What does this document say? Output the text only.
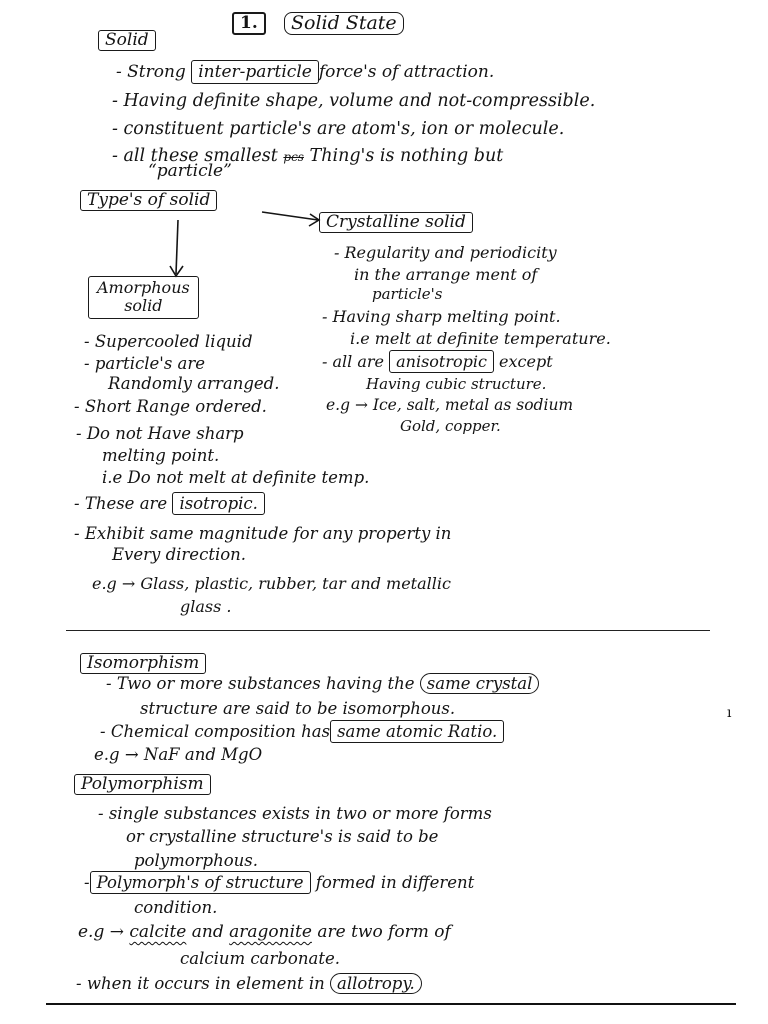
1.	Solid State
Solid
- Strong inter-particle force's of attraction.
- Having definite shape, volume and not-compressible.
- constituent particle's are atom's, ion or molecule.
- all these smallest pcs Thing's is nothing but
“particle”
Type's of solid
Crystalline solid
- Regularity and periodicity
in the arrange ment of
particle's
- Having sharp melting point.
i.e melt at definite temperature.
- all are anisotropic except
Having cubic structure.
e.g → Ice, salt, metal as sodium
Gold, copper.
Amorphous
solid
- Supercooled liquid
- particle's are
Randomly arranged.
- Short Range ordered.
- Do not Have sharp
melting point.
i.e Do not melt at definite temp.
- These are isotropic.
- Exhibit same magnitude for any property in
Every direction.
e.g → Glass, plastic, rubber, tar and metallic
glass .
Isomorphism
- Two or more substances having the same crystal
structure are said to be isomorphous.
- Chemical composition has same atomic Ratio.
e.g → NaF and MgO
Polymorphism
- single substances exists in two or more forms
or crystalline structure's is said to be
polymorphous.
- Polymorph's of structure formed in different
condition.
e.g → calcite and aragonite are two form of
calcium carbonate.
- when it occurs in element in allotropy.
ı
